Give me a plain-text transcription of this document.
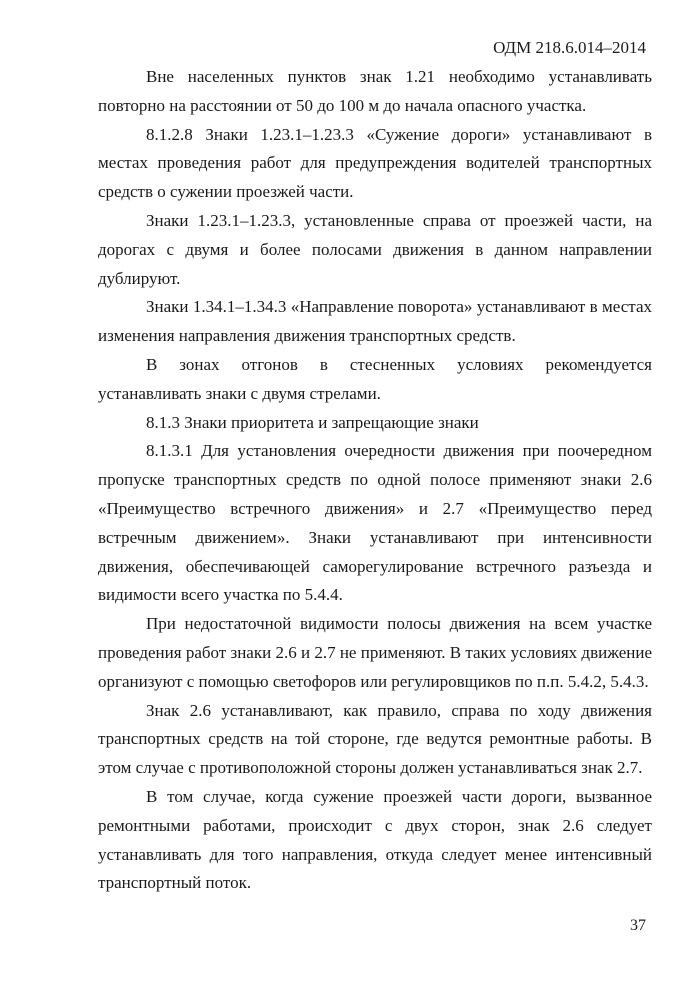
ОДМ 218.6.014–2014

Вне населенных пунктов знак 1.21 необходимо устанавливать повторно на расстоянии от 50 до 100 м до начала опасного участка.

8.1.2.8 Знаки 1.23.1–1.23.3 «Сужение дороги» устанавливают в местах проведения работ для предупреждения водителей транспортных средств о сужении проезжей части.

Знаки 1.23.1–1.23.3, установленные справа от проезжей части, на дорогах с двумя и более полосами движения в данном направлении дублируют.

Знаки 1.34.1–1.34.3 «Направление поворота» устанавливают в местах изменения направления движения транспортных средств.

В зонах отгонов в стесненных условиях рекомендуется устанавливать знаки с двумя стрелами.

8.1.3 Знаки приоритета и запрещающие знаки

8.1.3.1 Для установления очередности движения при поочередном пропуске транспортных средств по одной полосе применяют знаки 2.6 «Преимущество встречного движения» и 2.7 «Преимущество перед встречным движением». Знаки устанавливают при интенсивности движения, обеспечивающей саморегулирование встречного разъезда и видимости всего участка по 5.4.4.

При недостаточной видимости полосы движения на всем участке проведения работ знаки 2.6 и 2.7 не применяют. В таких условиях движение организуют с помощью светофоров или регулировщиков по п.п. 5.4.2, 5.4.3.

Знак 2.6 устанавливают, как правило, справа по ходу движения транспортных средств на той стороне, где ведутся ремонтные работы. В этом случае с противоположной стороны должен устанавливаться знак 2.7.

В том случае, когда сужение проезжей части дороги, вызванное ремонтными работами, происходит с двух сторон, знак 2.6 следует устанавливать для того направления, откуда следует менее интенсивный транспортный поток.

37
